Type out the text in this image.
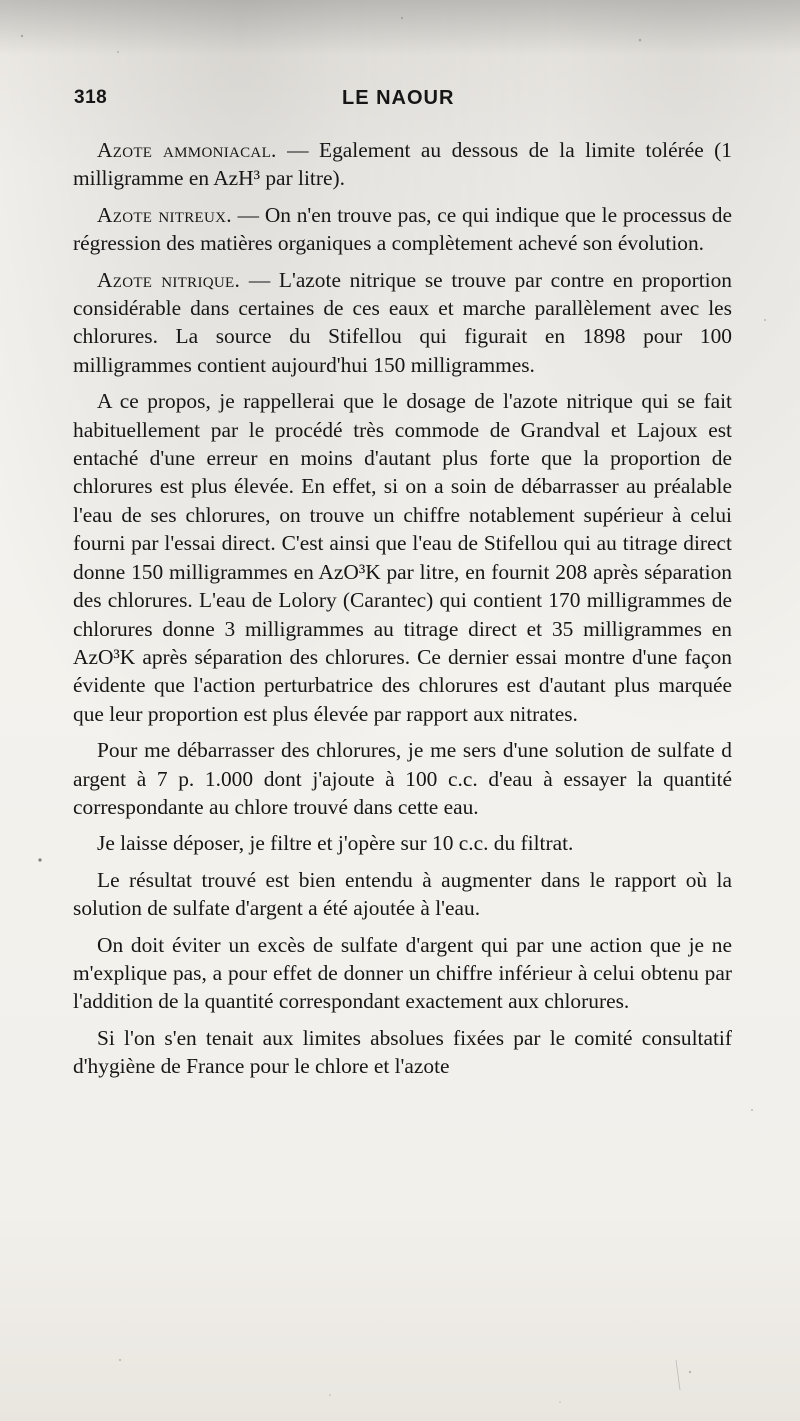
318	LE NAOUR

Azote ammoniacal. — Egalement au dessous de la limite tolérée (1 milligramme en AzH³ par litre).

Azote nitreux. — On n'en trouve pas, ce qui indique que le processus de régression des matières organiques a complètement achevé son évolution.

Azote nitrique. — L'azote nitrique se trouve par contre en proportion considérable dans certaines de ces eaux et marche parallèlement avec les chlorures. La source du Stifellou qui figurait en 1898 pour 100 milligrammes contient aujourd'hui 150 milligrammes.

A ce propos, je rappellerai que le dosage de l'azote nitrique qui se fait habituellement par le procédé très commode de Grandval et Lajoux est entaché d'une erreur en moins d'autant plus forte que la proportion de chlorures est plus élevée. En effet, si on a soin de débarrasser au préalable l'eau de ses chlorures, on trouve un chiffre notablement supérieur à celui fourni par l'essai direct. C'est ainsi que l'eau de Stifellou qui au titrage direct donne 150 milligrammes en AzO³K par litre, en fournit 208 après séparation des chlorures. L'eau de Lolory (Carantec) qui contient 170 milligrammes de chlorures donne 3 milligrammes au titrage direct et 35 milligrammes en AzO³K après séparation des chlorures. Ce dernier essai montre d'une façon évidente que l'action perturbatrice des chlorures est d'autant plus marquée que leur proportion est plus élevée par rapport aux nitrates.

Pour me débarrasser des chlorures, je me sers d'une solution de sulfate d argent à 7 p. 1.000 dont j'ajoute à 100 c.c. d'eau à essayer la quantité correspondante au chlore trouvé dans cette eau.

Je laisse déposer, je filtre et j'opère sur 10 c.c. du filtrat.

Le résultat trouvé est bien entendu à augmenter dans le rapport où la solution de sulfate d'argent a été ajoutée à l'eau.

On doit éviter un excès de sulfate d'argent qui par une action que je ne m'explique pas, a pour effet de donner un chiffre inférieur à celui obtenu par l'addition de la quantité correspondant exactement aux chlorures.

Si l'on s'en tenait aux limites absolues fixées par le comité consultatif d'hygiène de France pour le chlore et l'azote
